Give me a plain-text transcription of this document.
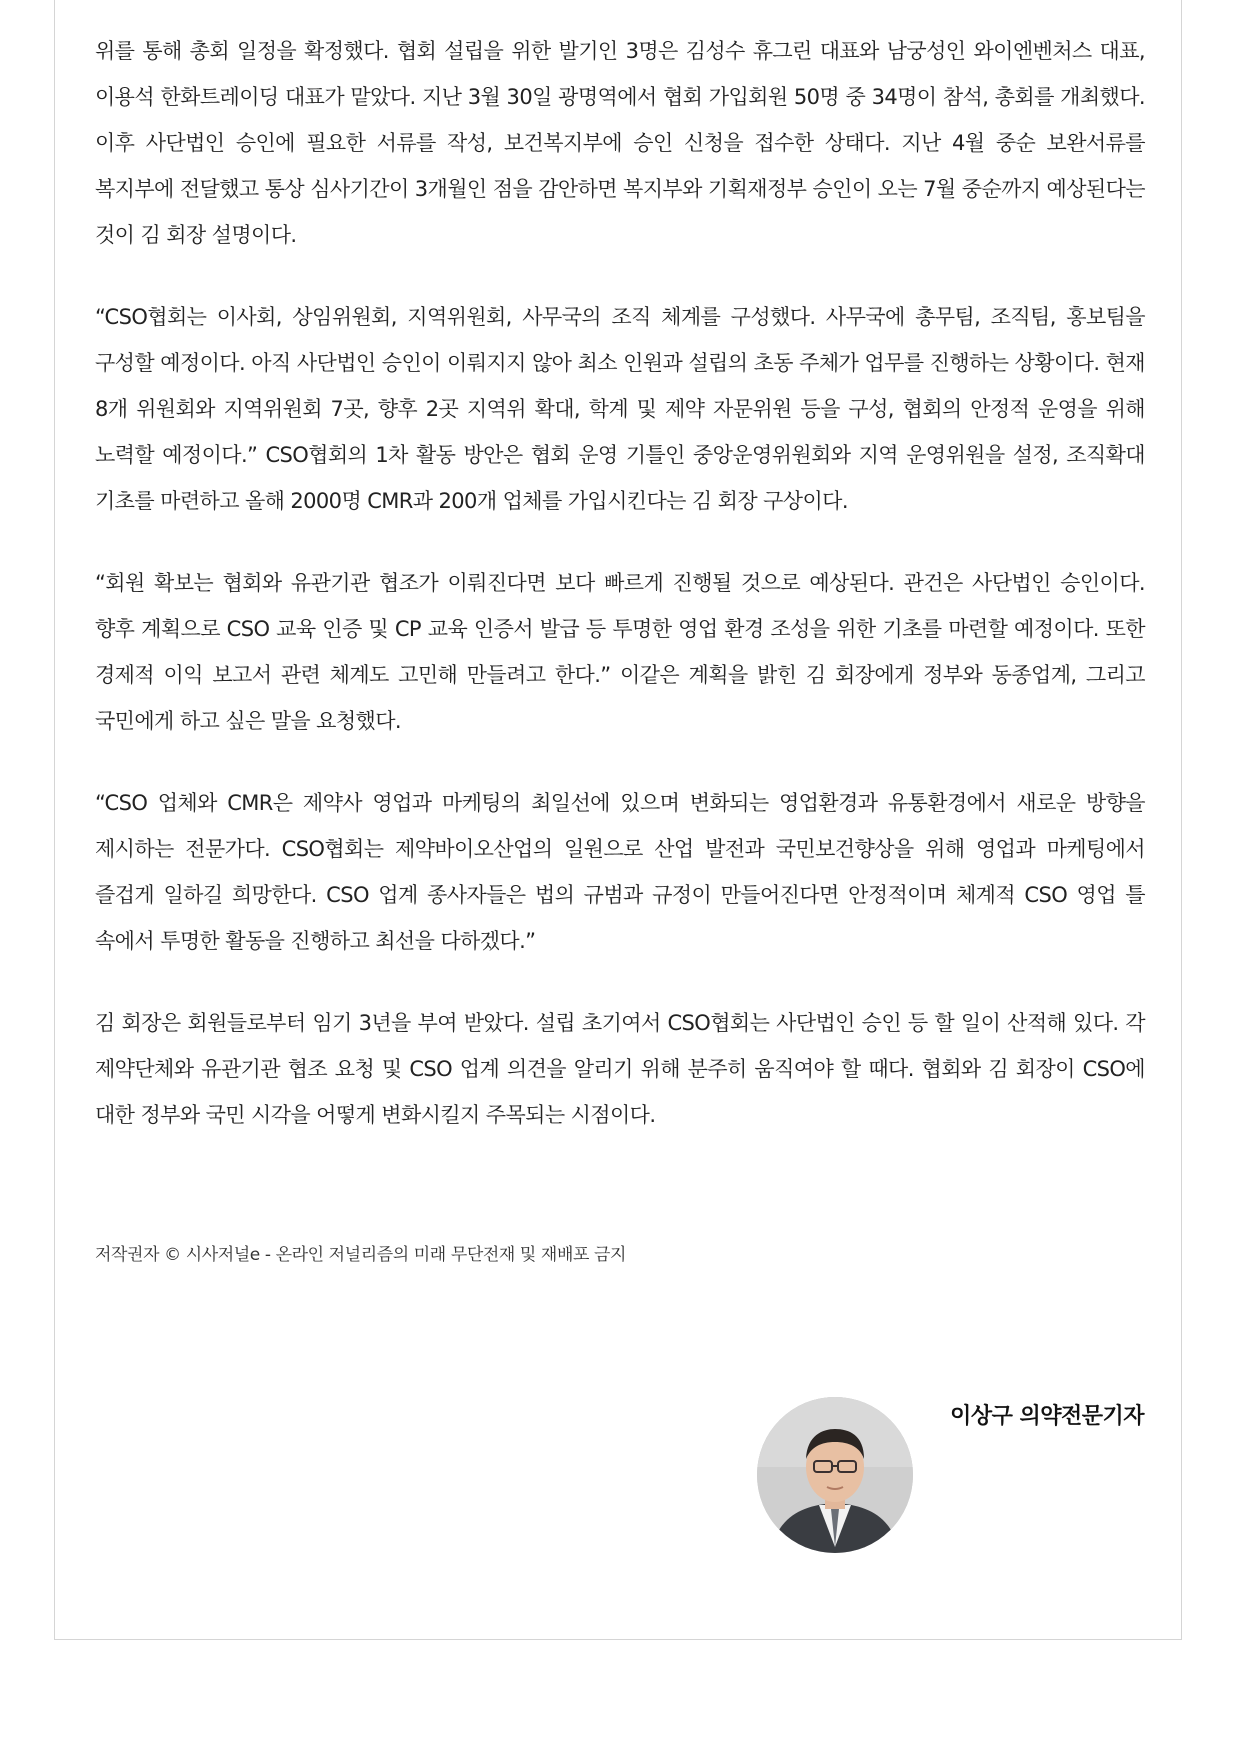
위를 통해 총회 일정을 확정했다. 협회 설립을 위한 발기인 3명은 김성수 휴그린 대표와 남궁성인 와이엔벤처스 대표, 이용석 한화트레이딩 대표가 맡았다. 지난 3월 30일 광명역에서 협회 가입회원 50명 중 34명이 참석, 총회를 개최했다. 이후 사단법인 승인에 필요한 서류를 작성, 보건복지부에 승인 신청을 접수한 상태다. 지난 4월 중순 보완서류를 복지부에 전달했고 통상 심사기간이 3개월인 점을 감안하면 복지부와 기획재정부 승인이 오는 7월 중순까지 예상된다는 것이 김 회장 설명이다.

“CSO협회는 이사회, 상임위원회, 지역위원회, 사무국의 조직 체계를 구성했다. 사무국에 총무팀, 조직팀, 홍보팀을 구성할 예정이다. 아직 사단법인 승인이 이뤄지지 않아 최소 인원과 설립의 초동 주체가 업무를 진행하는 상황이다. 현재 8개 위원회와 지역위원회 7곳, 향후 2곳 지역위 확대, 학계 및 제약 자문위원 등을 구성, 협회의 안정적 운영을 위해 노력할 예정이다.” CSO협회의 1차 활동 방안은 협회 운영 기틀인 중앙운영위원회와 지역 운영위원을 설정, 조직확대 기초를 마련하고 올해 2000명 CMR과 200개 업체를 가입시킨다는 김 회장 구상이다.

“회원 확보는 협회와 유관기관 협조가 이뤄진다면 보다 빠르게 진행될 것으로 예상된다. 관건은 사단법인 승인이다. 향후 계획으로 CSO 교육 인증 및 CP 교육 인증서 발급 등 투명한 영업 환경 조성을 위한 기초를 마련할 예정이다. 또한 경제적 이익 보고서 관련 체계도 고민해 만들려고 한다.” 이같은 계획을 밝힌 김 회장에게 정부와 동종업계, 그리고 국민에게 하고 싶은 말을 요청했다.

“CSO 업체와 CMR은 제약사 영업과 마케팅의 최일선에 있으며 변화되는 영업환경과 유통환경에서 새로운 방향을 제시하는 전문가다. CSO협회는 제약바이오산업의 일원으로 산업 발전과 국민보건향상을 위해 영업과 마케팅에서 즐겁게 일하길 희망한다. CSO 업계 종사자들은 법의 규범과 규정이 만들어진다면 안정적이며 체계적 CSO 영업 틀 속에서 투명한 활동을 진행하고 최선을 다하겠다.”

김 회장은 회원들로부터 임기 3년을 부여 받았다. 설립 초기여서 CSO협회는 사단법인 승인 등 할 일이 산적해 있다. 각 제약단체와 유관기관 협조 요청 및 CSO 업계 의견을 알리기 위해 분주히 움직여야 할 때다. 협회와 김 회장이 CSO에 대한 정부와 국민 시각을 어떻게 변화시킬지 주목되는 시점이다.

저작권자 © 시사저널e - 온라인 저널리즘의 미래 무단전재 및 재배포 금지
이상구 의약전문기자
